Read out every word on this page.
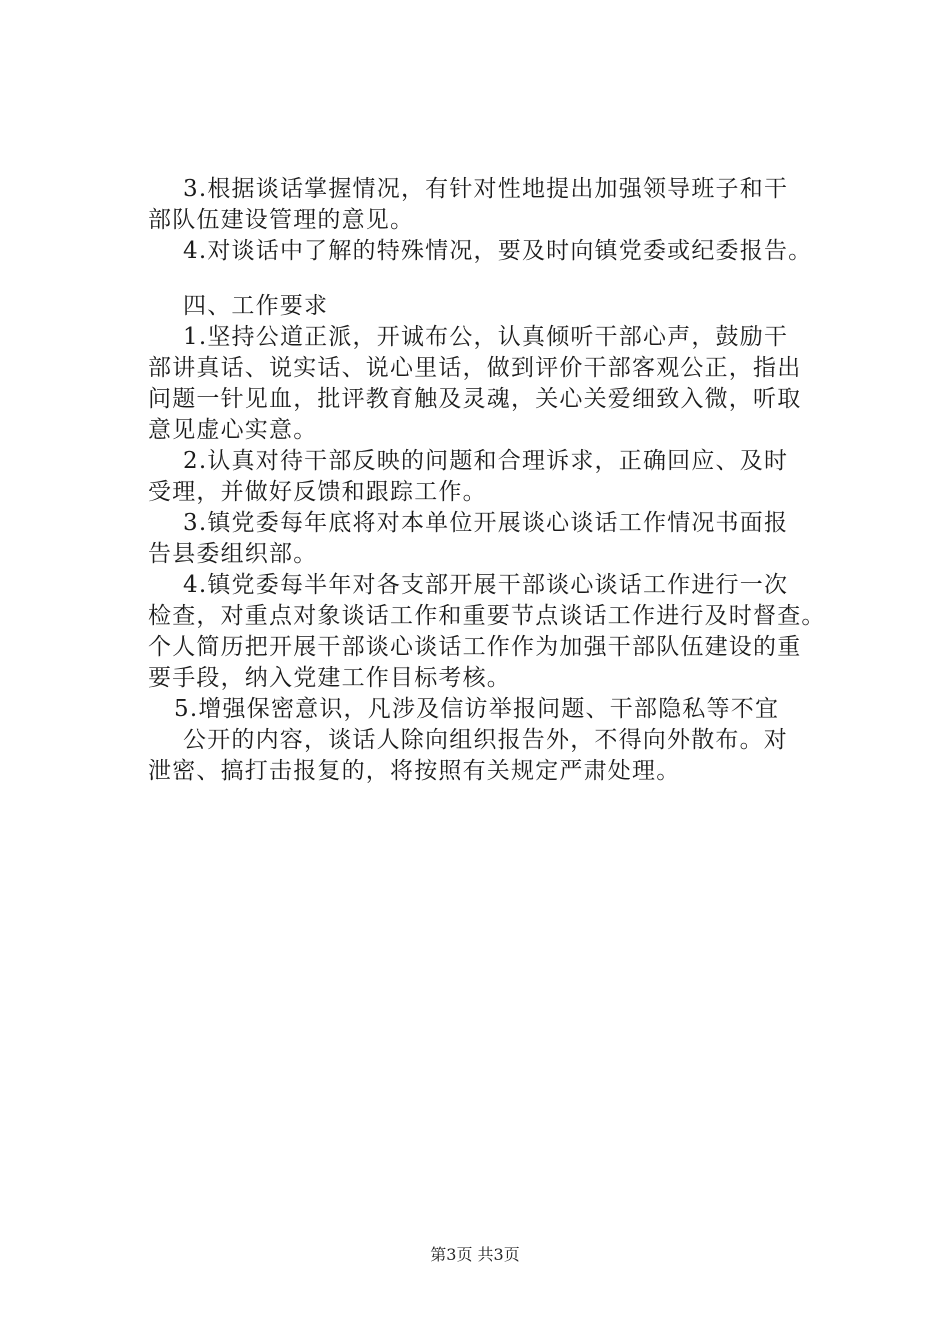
3.根据谈话掌握情况，有针对性地提出加强领导班子和干
部队伍建设管理的意见。
4.对谈话中了解的特殊情况，要及时向镇党委或纪委报告。
四、工作要求
1.坚持公道正派，开诚布公，认真倾听干部心声，鼓励干
部讲真话、说实话、说心里话，做到评价干部客观公正，指出
问题一针见血，批评教育触及灵魂，关心关爱细致入微，听取
意见虚心实意。
2.认真对待干部反映的问题和合理诉求，正确回应、及时
受理，并做好反馈和跟踪工作。
3.镇党委每年底将对本单位开展谈心谈话工作情况书面报
告县委组织部。
4.镇党委每半年对各支部开展干部谈心谈话工作进行一次
检查，对重点对象谈话工作和重要节点谈话工作进行及时督查。
个人简历把开展干部谈心谈话工作作为加强干部队伍建设的重
要手段，纳入党建工作目标考核。
5.增强保密意识，凡涉及信访举报问题、干部隐私等不宜
公开的内容，谈话人除向组织报告外，不得向外散布。对
泄密、搞打击报复的，将按照有关规定严肃处理。
第3页 共3页
